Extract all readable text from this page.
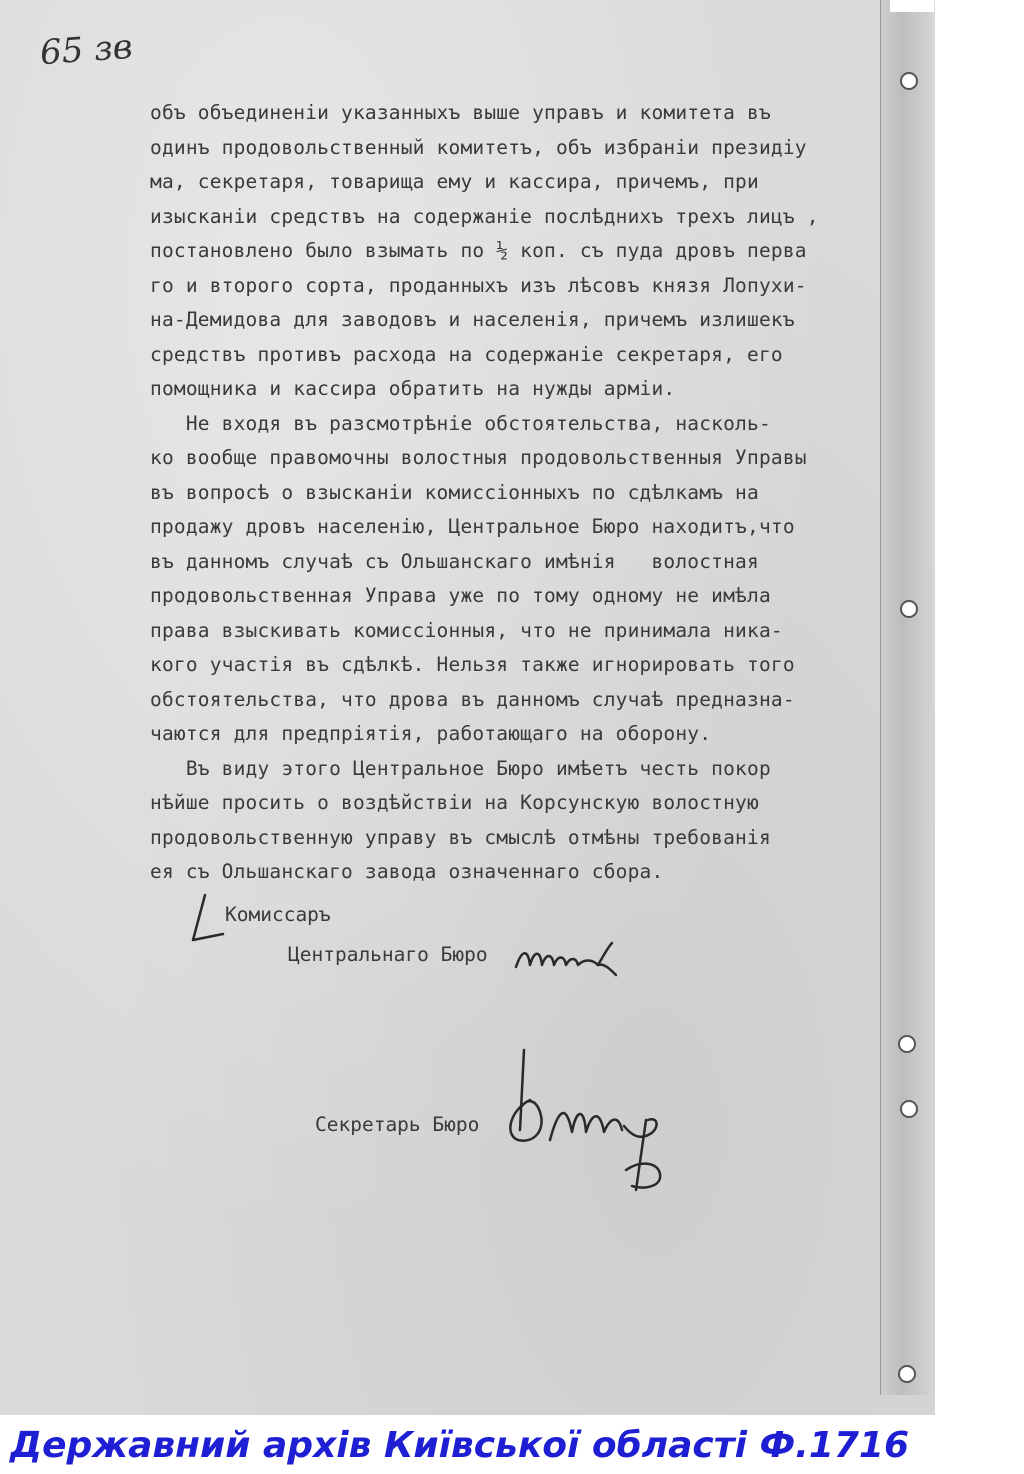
65 зв
объ объединенiи указанныхъ выше управъ и комитета въ
одинъ продовольственный комитетъ, объ избранiи президiу
ма, секретаря, товарища ему и кассира, причемъ, при
изысканiи средствъ на содержанiе послѣднихъ трехъ лицъ ,
постановлено было взымать по ½ коп. съ пуда дровъ перва
го и второго сорта, проданныхъ изъ лѣсовъ князя Лопухи-
на-Демидова для заводовъ и населенiя, причемъ излишекъ
средствъ противъ расхода на содержанiе секретаря, его
помощника и кассира обратить на нужды армiи.
Не входя въ разсмотрѣнiе обстоятельства, насколь-
ко вообще правомочны волостныя продовольственныя Управы
въ вопросѣ о взысканiи комиссiонныхъ по сдѣлкамъ на
продажу дровъ населенiю, Центральное Бюро находитъ,что
въ данномъ случаѣ съ Ольшанскаго имѣнiя   волостная
продовольственная Управа уже по тому одному не имѣла
права взыскивать комиссiонныя, что не принимала ника-
кого участiя въ сдѣлкѣ. Нельзя также игнорировать того
обстоятельства, что дрова въ данномъ случаѣ предназна-
чаются для предпрiятiя, работающаго на оборону.
Въ виду этого Центральное Бюро имѣетъ честь покор
нѣйше просить о воздѣйствiи на Корсунскую волостную
продовольственную управу въ смыслѣ отмѣны требованiя
ея съ Ольшанскаго завода означеннаго сбора.
Комиссаръ
Центральнаго Бюро
Секретарь Бюро
Державний архів Київської області Ф.1716
